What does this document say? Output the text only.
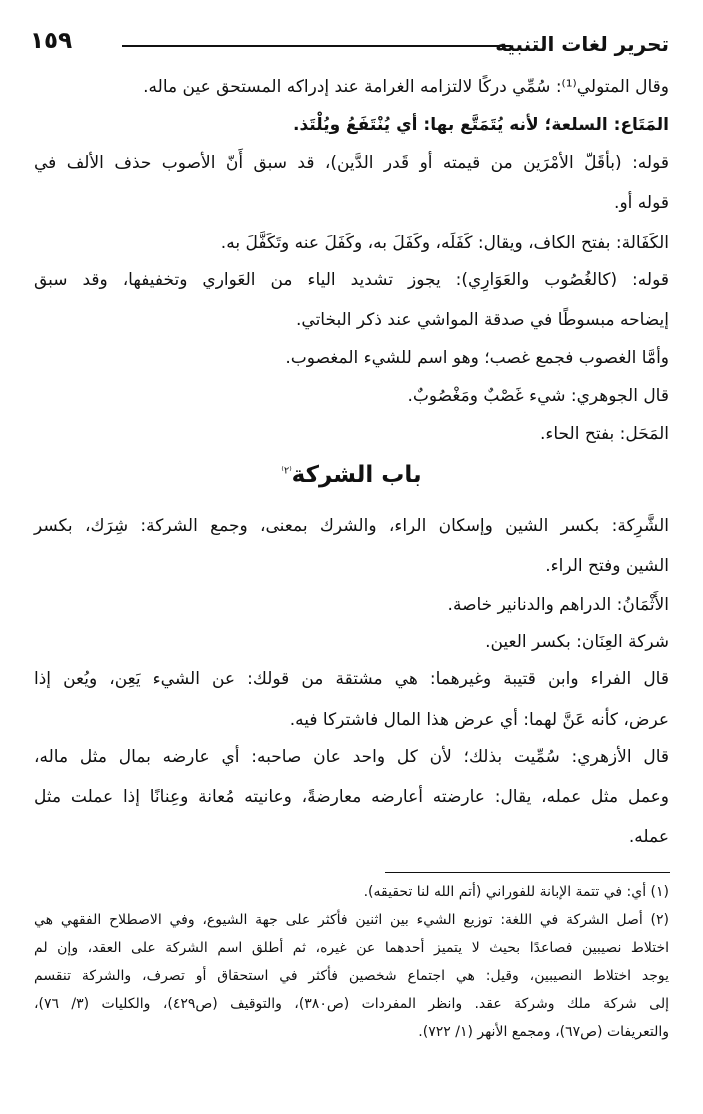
تحرير لغات التنبيه
١٥٩
وقال المتولي⁽¹⁾: سُمِّي دركًا لالتزامه الغرامة عند إدراكه المستحق عين ماله.
المَتَاع: السلعة؛ لأنه يُتَمَتَّع بها: أي يُنْتَفَعُ ويُلْتَذ.
قوله: (بأقَلّ الأمْرَين من قيمته أو قَدر الدَّين)، قد سبق أَنّ الأصوب حذف الألف في
قوله أو.
الكَفَالة: بفتح الكاف، ويقال: كَفَلَه، وكَفَلَ به، وكَفَلَ عنه وتَكَفَّلَ به.
قوله: (كالغُصُوب والعَوَارِي): يجوز تشديد الياء من العَواري وتخفيفها، وقد سبق
إيضاحه مبسوطًا في صدقة المواشي عند ذكر البخاتي.
وأمَّا الغصوب فجمع غصب؛ وهو اسم للشيء المغصوب.
قال الجوهري: شيء غَصْبٌ ومَغْصُوبٌ.
المَحَل: بفتح الحاء.
باب الشركة$^{^(٢^)}$
الشَّرِكة: بكسر الشين وإسكان الراء، والشرك بمعنى، وجمع الشركة: شِرَك، بكسر
الشين وفتح الراء.
الأَثْمَانُ: الدراهم والدنانير خاصة.
شركة العِنَان: بكسر العين.
قال الفراء وابن قتيبة وغيرهما: هي مشتقة من قولك: عن الشيء يَعِن، ويُعن إذا
عرض، كأنه عَنَّ لهما: أي عرض هذا المال فاشتركا فيه.
قال الأزهري: سُمِّيت بذلك؛ لأن كل واحد عان صاحبه: أي عارضه بمال مثل ماله،
وعمل مثل عمله، يقال: عارضته أعارضه معارضةً، وعانيته مُعانة وعِنانًا إذا عملت مثل
عمله.
(١) أي: في تتمة الإبانة للفوراني (أتم الله لنا تحقيقه).
(٢) أصل الشركة في اللغة: توزيع الشيء بين اثنين فأكثر على جهة الشيوع، وفي الاصطلاح الفقهي هي
اختلاط نصيبين فصاعدًا بحيث لا يتميز أحدهما عن غيره، ثم أطلق اسم الشركة على العقد، وإن لم
يوجد اختلاط النصيبين، وقيل: هي اجتماع شخصين فأكثر في استحقاق أو تصرف، والشركة تنقسم
إلى شركة ملك وشركة عقد. وانظر المفردات (ص٣٨٠)، والتوقيف (ص٤٢٩)، والكليات (٣/ ٧٦)،
والتعريفات (ص٦٧)، ومجمع الأنهر (١/ ٧٢٢).
